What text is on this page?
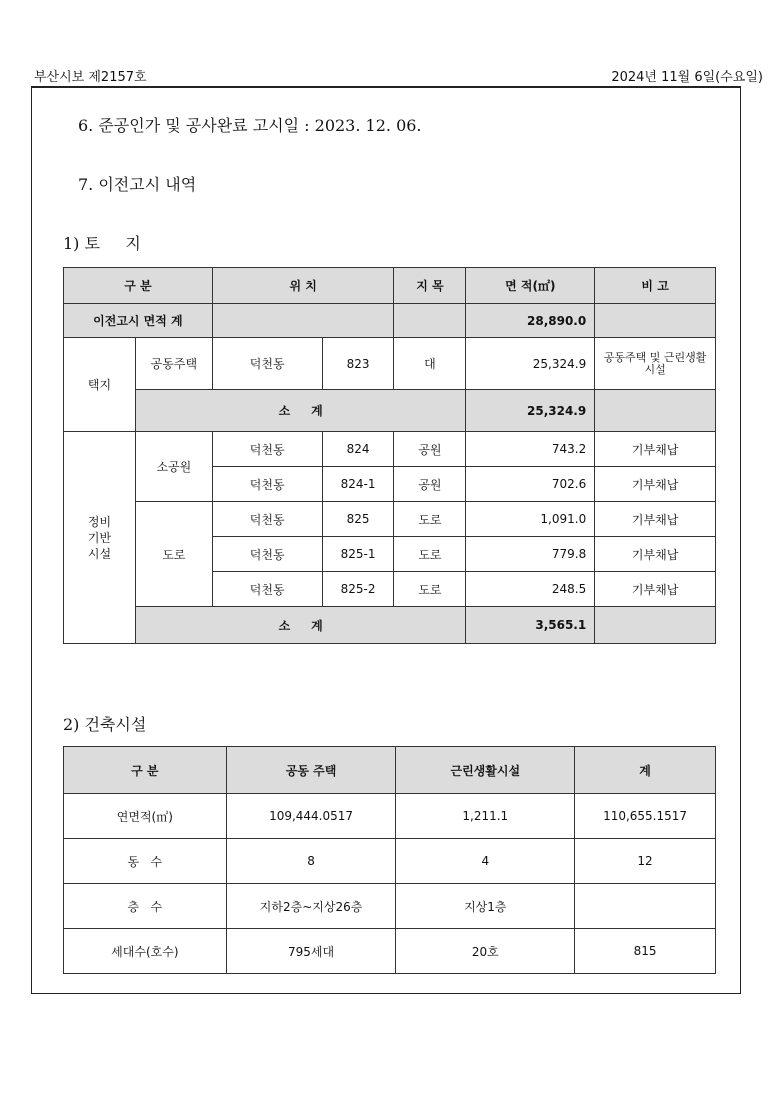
부산시보 제2157호	2024년 11월 6일(수요일)
6. 준공인가 및 공사완료 고시일 : 2023. 12. 06.
7. 이전고시 내역
1) 토     지
구 분		위 치		지 목	면 적(㎡)	비 고
이전고시 면적 계					28,890.0	
택지	공동주택	덕천동	823	대	25,324.9	공동주택 및 근린생활시설
	소     계				25,324.9	
정비 기반 시설	소공원	덕천동	824	공원	743.2	기부채납
		덕천동	824-1	공원	702.6	기부채납
	도로	덕천동	825	도로	1,091.0	기부채납
		덕천동	825-1	도로	779.8	기부채납
		덕천동	825-2	도로	248.5	기부채납
	소     계				3,565.1	
2) 건축시설
구 분	공동 주택	근린생활시설	계
연면적(㎡)	109,444.0517	1,211.1	110,655.1517
동   수	8	4	12
층   수	지하2층~지상26층	지상1층	
세대수(호수)	795세대	20호	815
